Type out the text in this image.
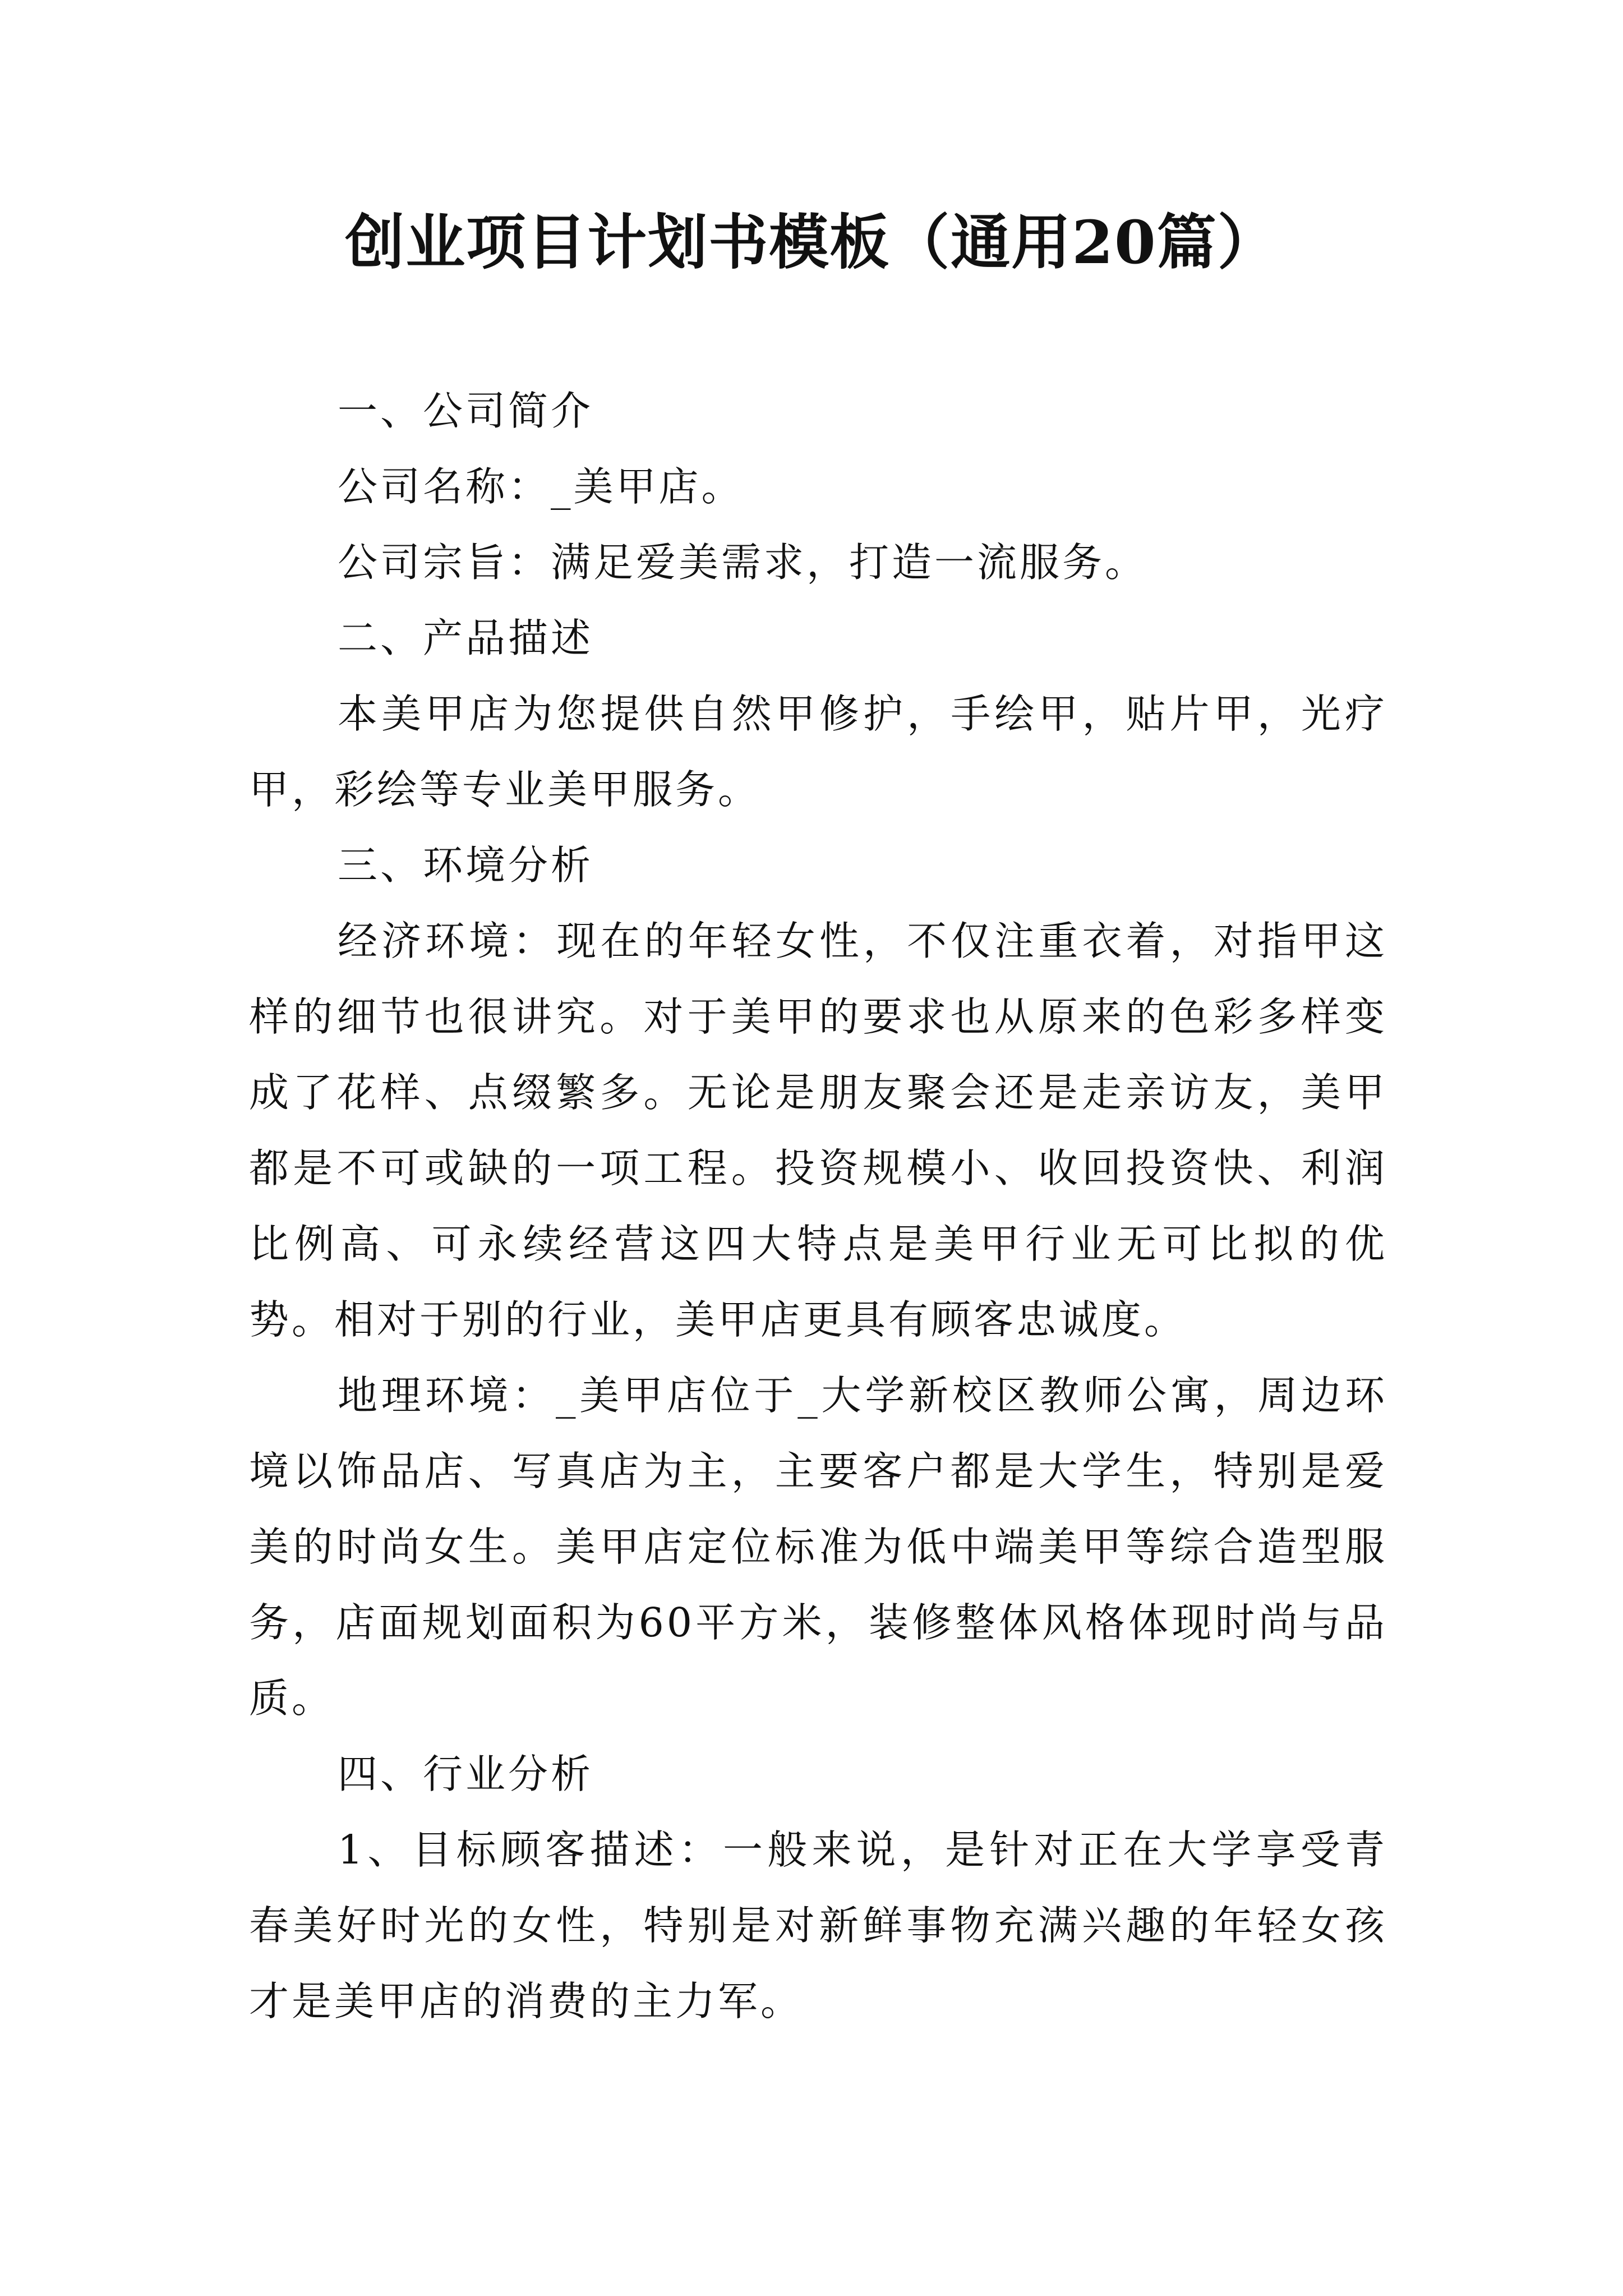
创业项目计划书模板（通用20篇）

一、公司简介

公司名称：_美甲店。

公司宗旨：满足爱美需求，打造一流服务。

二、产品描述

本美甲店为您提供自然甲修护，手绘甲，贴片甲，光疗甲，彩绘等专业美甲服务。

三、环境分析

经济环境：现在的年轻女性，不仅注重衣着，对指甲这样的细节也很讲究。对于美甲的要求也从原来的色彩多样变成了花样、点缀繁多。无论是朋友聚会还是走亲访友，美甲都是不可或缺的一项工程。投资规模小、收回投资快、利润比例高、可永续经营这四大特点是美甲行业无可比拟的优势。相对于别的行业，美甲店更具有顾客忠诚度。

地理环境：_美甲店位于_大学新校区教师公寓，周边环境以饰品店、写真店为主，主要客户都是大学生，特别是爱美的时尚女生。美甲店定位标准为低中端美甲等综合造型服务，店面规划面积为60平方米，装修整体风格体现时尚与品质。

四、行业分析

1、目标顾客描述：一般来说，是针对正在大学享受青春美好时光的女性，特别是对新鲜事物充满兴趣的年轻女孩才是美甲店的消费的主力军。
